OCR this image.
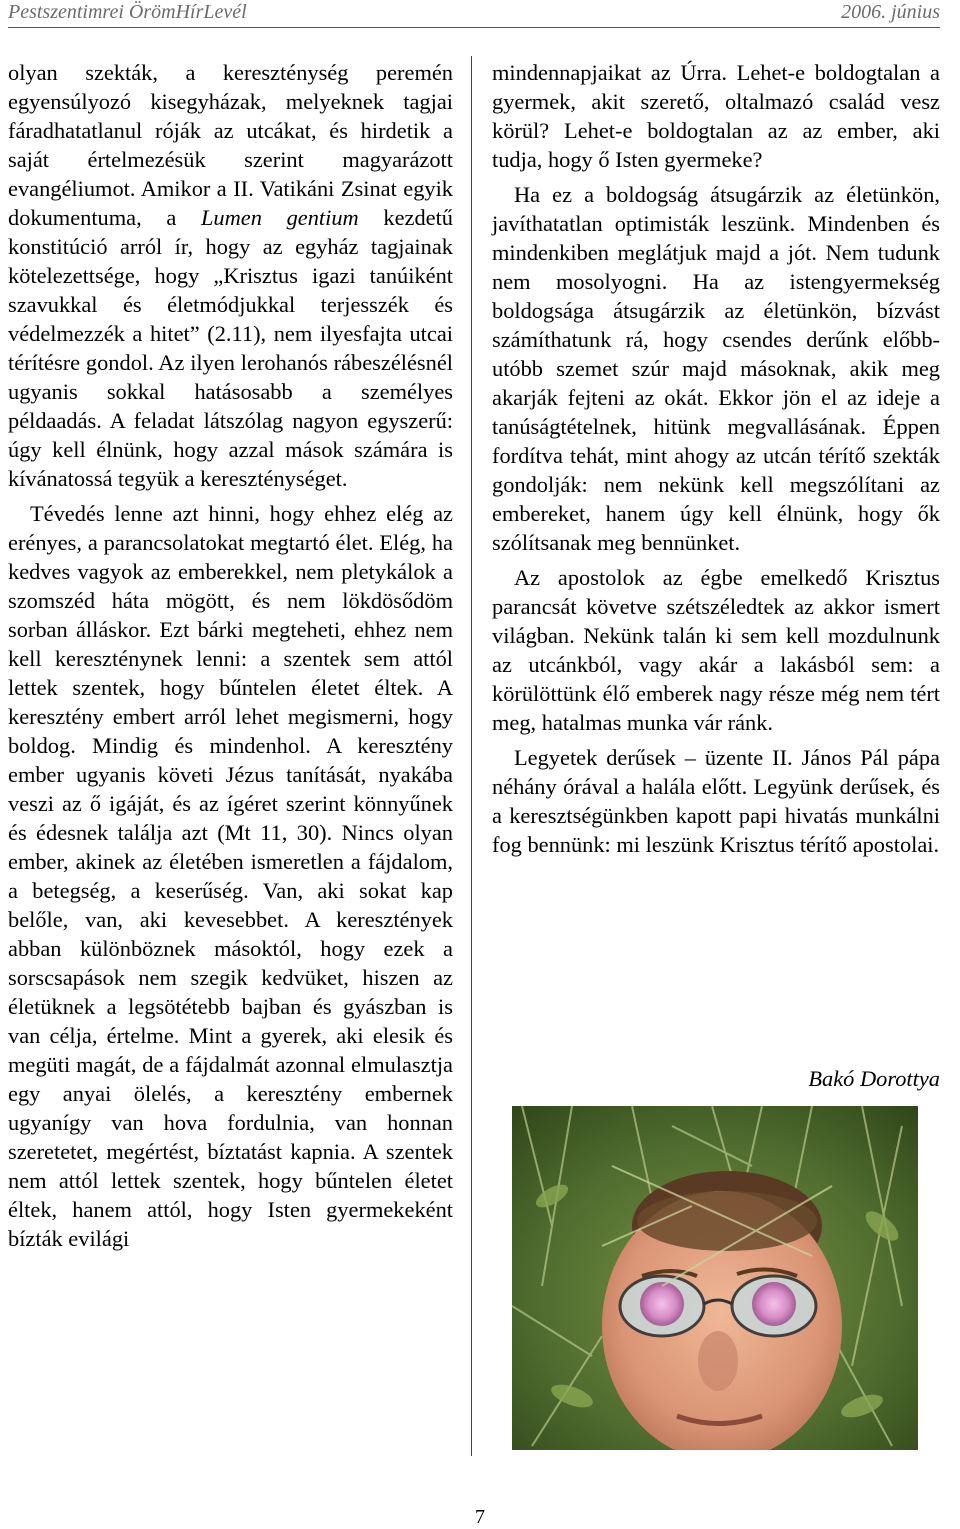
Pestszentimrei ÖrömHírLevél	2006. június

olyan szekták, a kereszténység peremén egyensúlyozó kisegyházak, melyeknek tagjai fáradhatatlanul róják az utcákat, és hirdetik a saját értelmezésük szerint magyarázott evangéliumot. Amikor a II. Vatikáni Zsinat egyik dokumentuma, a Lumen gentium kezdetű konstitúció arról ír, hogy az egyház tagjainak kötelezettsége, hogy „Krisztus igazi tanúiként szavukkal és életmódjukkal terjesszék és védelmezzék a hitet” (2.11), nem ilyesfajta utcai térítésre gondol. Az ilyen lerohanós rábeszélésnél ugyanis sokkal hatásosabb a személyes példaadás. A feladat látszólag nagyon egyszerű: úgy kell élnünk, hogy azzal mások számára is kívánatossá tegyük a kereszténységet.

Tévedés lenne azt hinni, hogy ehhez elég az erényes, a parancsolatokat megtartó élet. Elég, ha kedves vagyok az emberekkel, nem pletykálok a szomszéd háta mögött, és nem lökdösődöm sorban álláskor. Ezt bárki megteheti, ehhez nem kell kereszténynek lenni: a szentek sem attól lettek szentek, hogy bűntelen életet éltek. A keresztény embert arról lehet megismerni, hogy boldog. Mindig és mindenhol. A keresztény ember ugyanis követi Jézus tanítását, nyakába veszi az ő igáját, és az ígéret szerint könnyűnek és édesnek találja azt (Mt 11, 30). Nincs olyan ember, akinek az életében ismeretlen a fájdalom, a betegség, a keserűség. Van, aki sokat kap belőle, van, aki kevesebbet. A keresztények abban különböznek másoktól, hogy ezek a sorscsapások nem szegik kedvüket, hiszen az életüknek a legsötétebb bajban és gyászban is van célja, értelme. Mint a gyerek, aki elesik és megüti magát, de a fájdalmát azonnal elmulasztja egy anyai ölelés, a keresztény embernek ugyanígy van hova fordulnia, van honnan szeretetet, megértést, bíztatást kapnia. A szentek nem attól lettek szentek, hogy bűntelen életet éltek, hanem attól, hogy Isten gyermekeként bízták evilági

mindennapjaikat az Úrra. Lehet-e boldogtalan a gyermek, akit szerető, oltalmazó család vesz körül? Lehet-e boldogtalan az az ember, aki tudja, hogy ő Isten gyermeke?

Ha ez a boldogság átsugárzik az életünkön, javíthatatlan optimisták leszünk. Mindenben és mindenkiben meglátjuk majd a jót. Nem tudunk nem mosolyogni. Ha az istengyermekség boldogsága átsugárzik az életünkön, bízvást számíthatunk rá, hogy csendes derűnk előbb-utóbb szemet szúr majd másoknak, akik meg akarják fejteni az okát. Ekkor jön el az ideje a tanúságtételnek, hitünk megvallásának. Éppen fordítva tehát, mint ahogy az utcán térítő szekták gondolják: nem nekünk kell megszólítani az embereket, hanem úgy kell élnünk, hogy ők szólítsanak meg bennünket.

Az apostolok az égbe emelkedő Krisztus parancsát követve szétszéledtek az akkor ismert világban. Nekünk talán ki sem kell mozdulnunk az utcánkból, vagy akár a lakásból sem: a körülöttünk élő emberek nagy része még nem tért meg, hatalmas munka vár ránk.

Legyetek derűsek – üzente II. János Pál pápa néhány órával a halála előtt. Legyünk derűsek, és a keresztségünkben kapott papi hivatás munkálni fog bennünk: mi leszünk Krisztus térítő apostolai.

Bakó Dorottya
7
